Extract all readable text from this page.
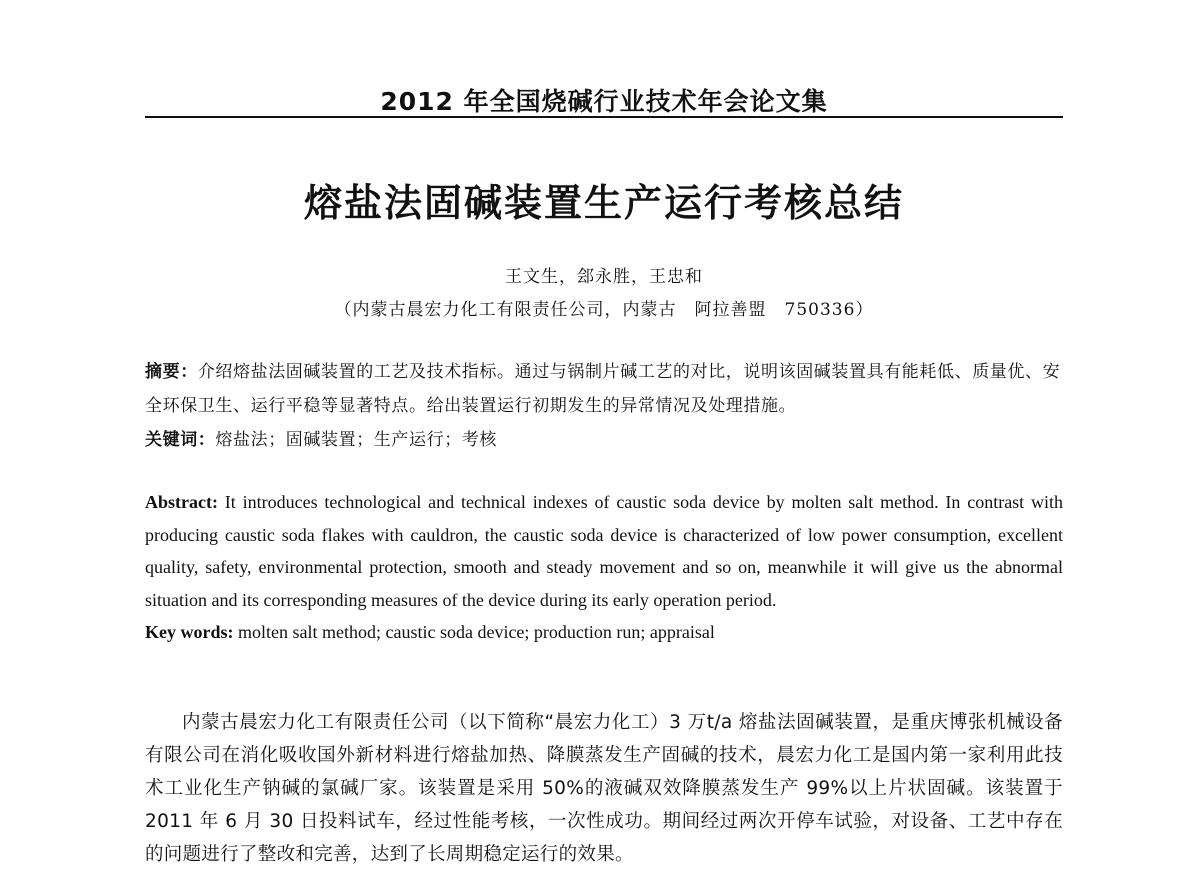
2012 年全国烧碱行业技术年会论文集
熔盐法固碱装置生产运行考核总结
王文生，郐永胜，王忠和
（内蒙古晨宏力化工有限责任公司，内蒙古　阿拉善盟　750336）

摘要：介绍熔盐法固碱装置的工艺及技术指标。通过与锅制片碱工艺的对比，说明该固碱装置具有能耗低、质量优、安全环保卫生、运行平稳等显著特点。给出装置运行初期发生的异常情况及处理措施。

关键词：熔盐法；固碱装置；生产运行；考核

Abstract: It introduces technological and technical indexes of caustic soda device by molten salt method. In contrast with producing caustic soda flakes with cauldron, the caustic soda device is characterized of low power consumption, excellent quality, safety, environmental protection, smooth and steady movement and so on, meanwhile it will give us the abnormal situation and its corresponding measures of the device during its early operation period.

Key words: molten salt method; caustic soda device; production run; appraisal

内蒙古晨宏力化工有限责任公司（以下简称“晨宏力化工）3 万t/a 熔盐法固碱装置，是重庆博张机械设备有限公司在消化吸收国外新材料进行熔盐加热、降膜蒸发生产固碱的技术，晨宏力化工是国内第一家利用此技术工业化生产钠碱的氯碱厂家。该装置是采用 50%的液碱双效降膜蒸发生产 99%以上片状固碱。该装置于 2011 年 6 月 30 日投料试车，经过性能考核，一次性成功。期间经过两次开停车试验，对设备、工艺中存在的问题进行了整改和完善，达到了长周期稳定运行的效果。
